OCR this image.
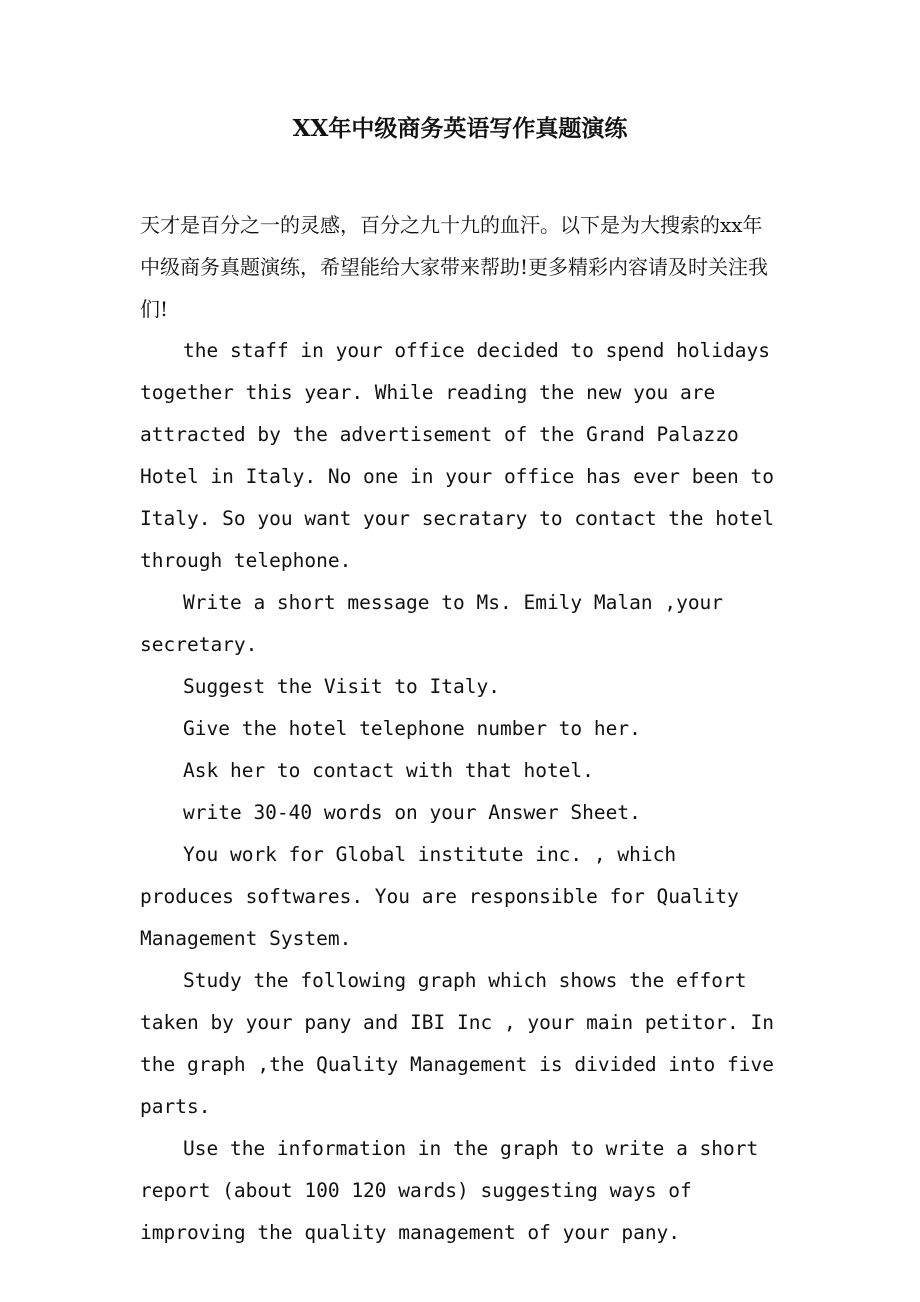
XX年中级商务英语写作真题演练

天才是百分之一的灵感，百分之九十九的血汗。以下是为大搜索的xx年中级商务真题演练，希望能给大家带来帮助!更多精彩内容请及时关注我们!

the staff in your office decided to spend holidays together this year. While reading the new you are attracted by the advertisement of the Grand Palazzo Hotel in Italy. No one in your office has ever been to Italy. So you want your secratary to contact the hotel through telephone.

Write a short message to Ms. Emily Malan ,your secretary.

Suggest the Visit to Italy.

Give the hotel telephone number to her.

Ask her to contact with that hotel.

write 30-40 words on your Answer Sheet.

You work for Global institute inc. , which produces softwares. You are responsible for Quality Management System.

Study the following graph which shows the effort taken by your pany and IBI Inc , your main petitor. In the graph ,the Quality Management is divided into five parts.

Use the information in the graph to write a short report (about 100 120 wards) suggesting ways of improving the quality management of your pany.
